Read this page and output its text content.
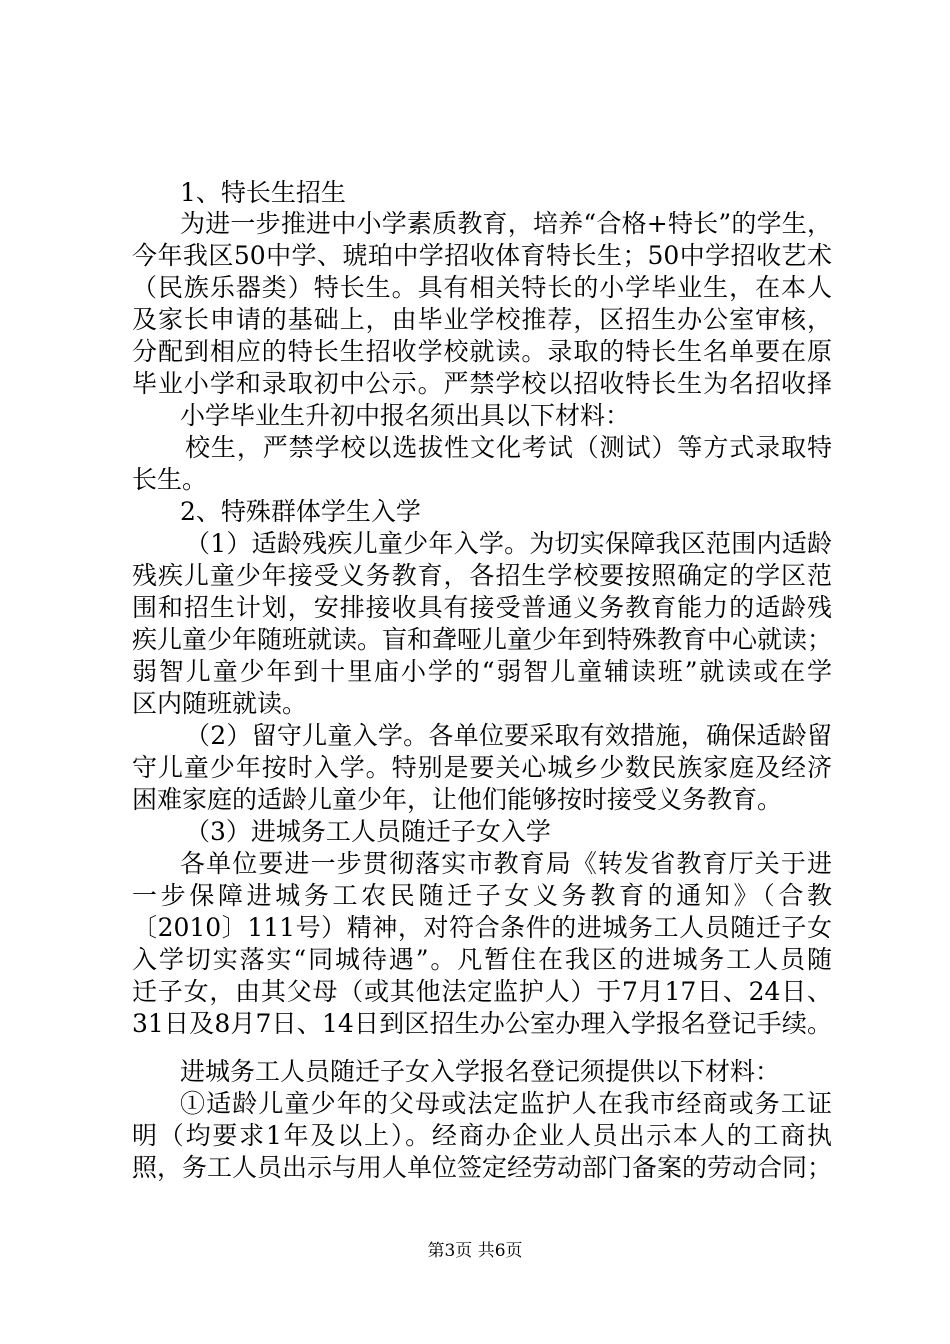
1、特长生招生
为进一步推进中小学素质教育，培养“合格+特长”的学生，
今年我区50中学、琥珀中学招收体育特长生；50中学招收艺术
（民族乐器类）特长生。具有相关特长的小学毕业生，在本人
及家长申请的基础上，由毕业学校推荐，区招生办公室审核，
分配到相应的特长生招收学校就读。录取的特长生名单要在原
毕业小学和录取初中公示。严禁学校以招收特长生为名招收择
小学毕业生升初中报名须出具以下材料：
校生，严禁学校以选拔性文化考试（测试）等方式录取特
长生。
2、特殊群体学生入学
（1）适龄残疾儿童少年入学。为切实保障我区范围内适龄
残疾儿童少年接受义务教育，各招生学校要按照确定的学区范
围和招生计划，安排接收具有接受普通义务教育能力的适龄残
疾儿童少年随班就读。盲和聋哑儿童少年到特殊教育中心就读；
弱智儿童少年到十里庙小学的“弱智儿童辅读班”就读或在学
区内随班就读。
（2）留守儿童入学。各单位要采取有效措施，确保适龄留
守儿童少年按时入学。特别是要关心城乡少数民族家庭及经济
困难家庭的适龄儿童少年，让他们能够按时接受义务教育。
（3）进城务工人员随迁子女入学
各单位要进一步贯彻落实市教育局《转发省教育厅关于进
一步保障进城务工农民随迁子女义务教育的通知》（合教
〔2010〕111号）精神，对符合条件的进城务工人员随迁子女
入学切实落实“同城待遇”。凡暂住在我区的进城务工人员随
迁子女，由其父母（或其他法定监护人）于7月17日、24日、
31日及8月7日、14日到区招生办公室办理入学报名登记手续。
进城务工人员随迁子女入学报名登记须提供以下材料：
①适龄儿童少年的父母或法定监护人在我市经商或务工证
明（均要求1年及以上）。经商办企业人员出示本人的工商执
照，务工人员出示与用人单位签定经劳动部门备案的劳动合同；
第3页 共6页
